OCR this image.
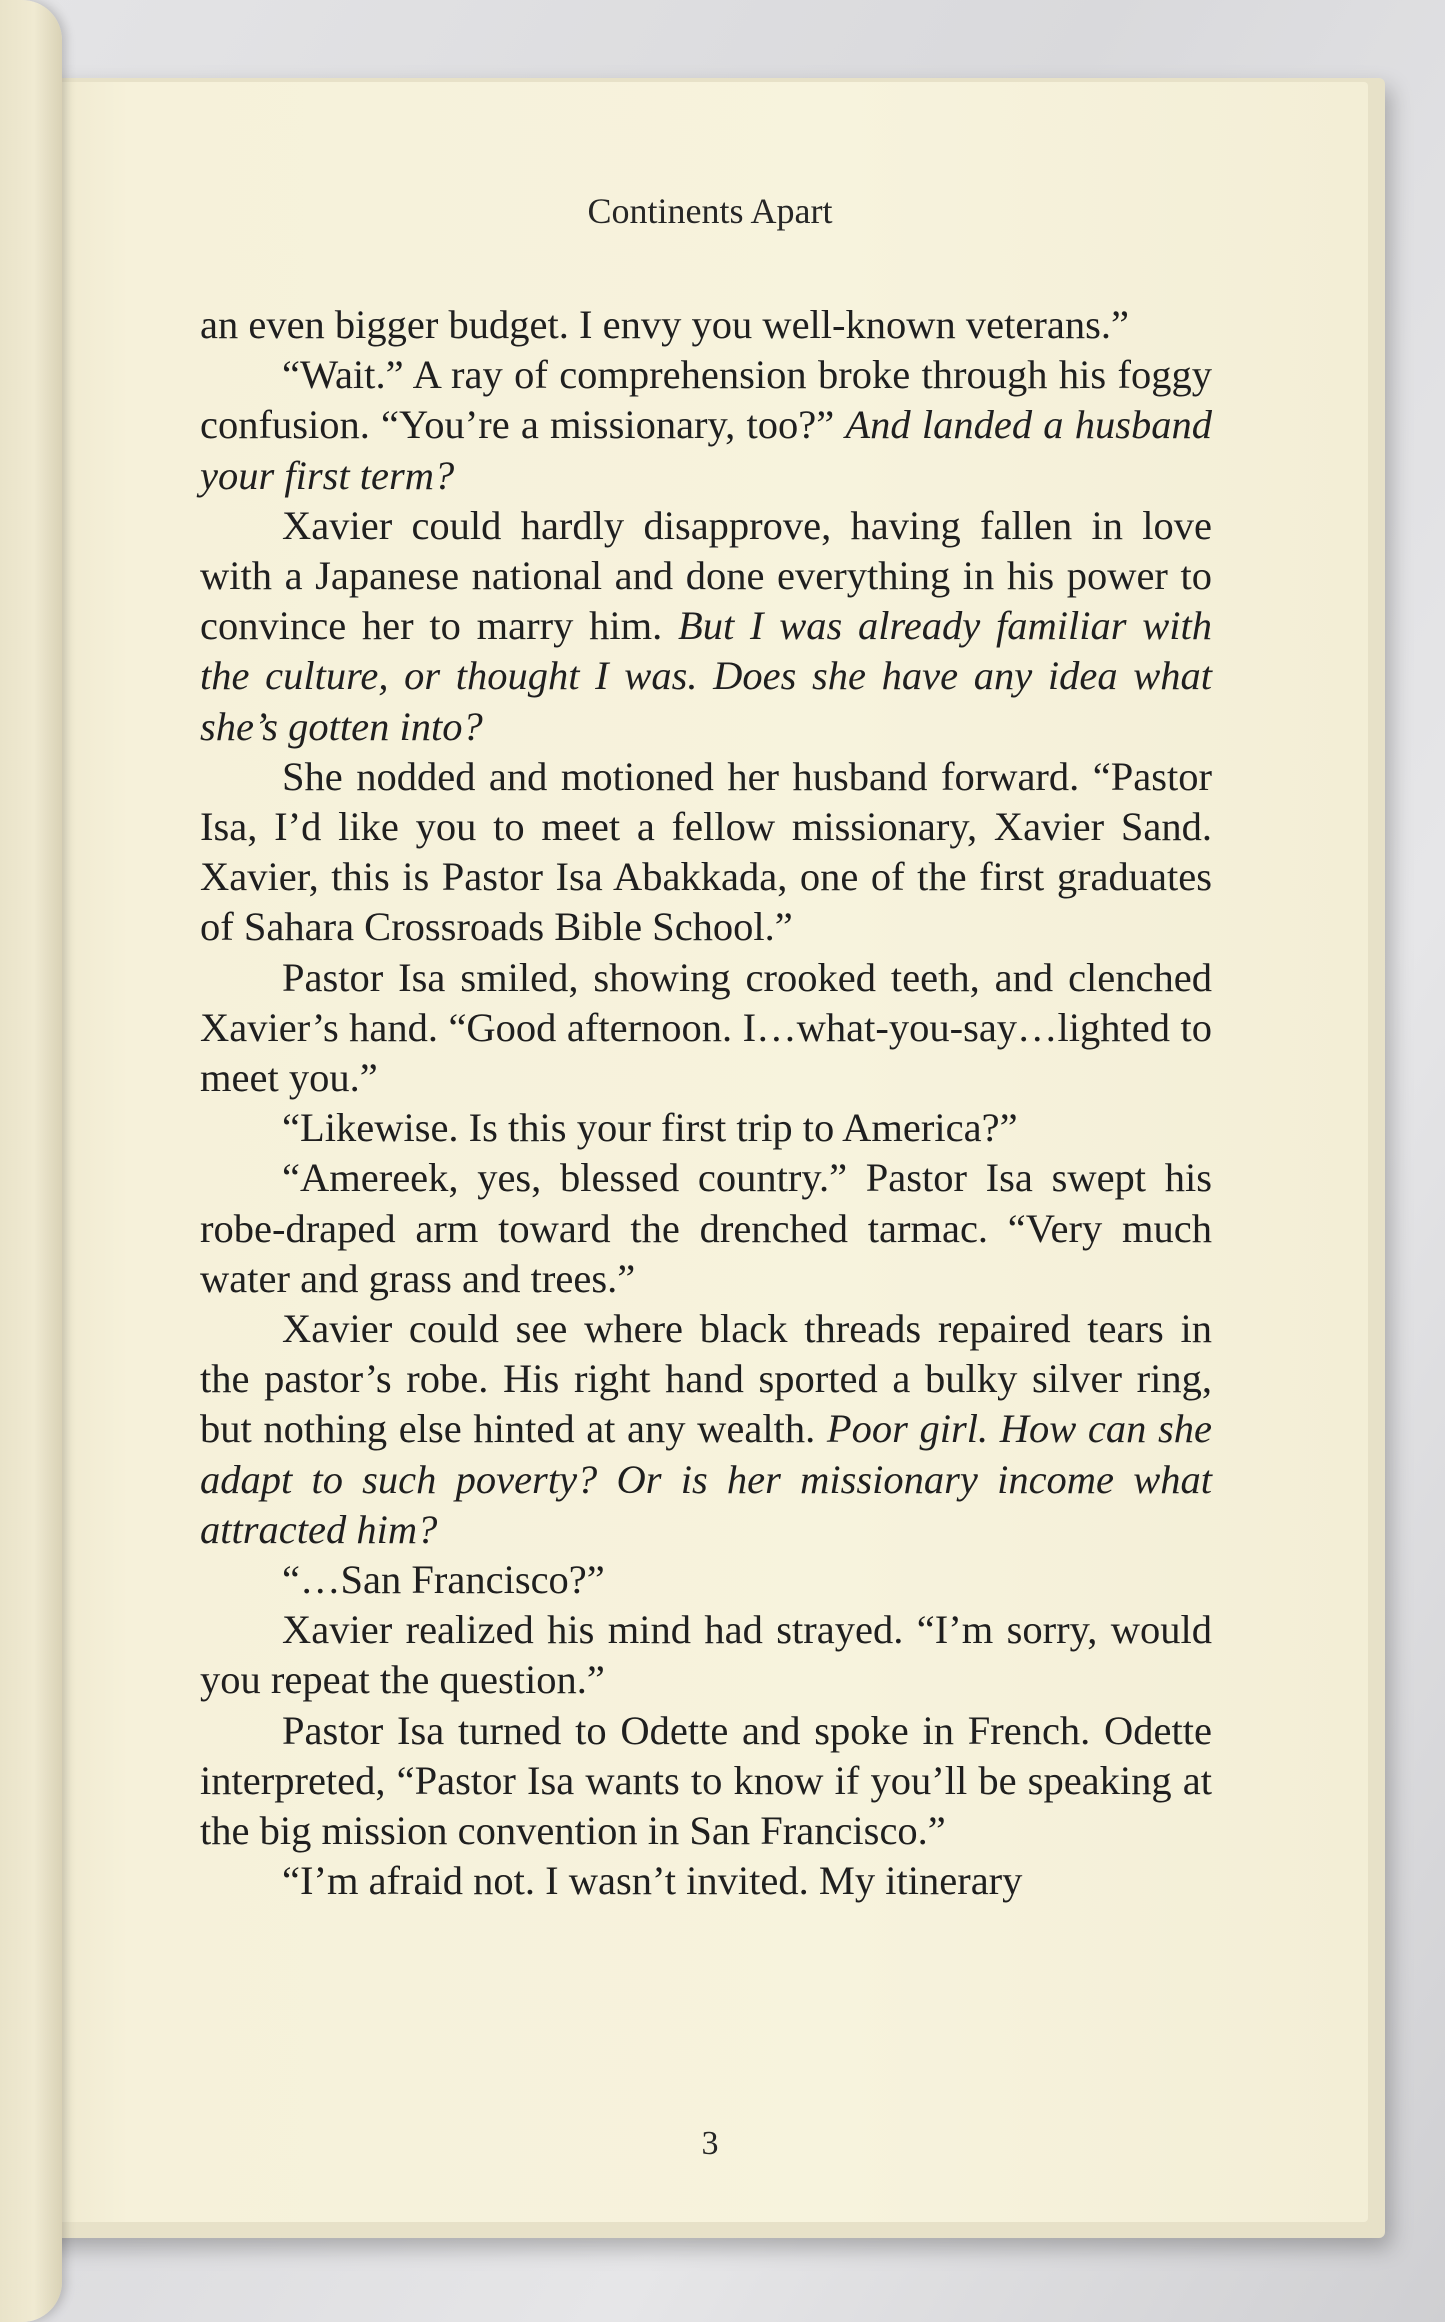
Continents Apart

an even bigger budget. I envy you well-known veterans.”

“Wait.” A ray of comprehension broke through his foggy confusion. “You’re a missionary, too?” And landed a husband your first term?

Xavier could hardly disapprove, having fallen in love with a Japanese national and done everything in his power to convince her to marry him. But I was already familiar with the culture, or thought I was. Does she have any idea what she’s gotten into?

She nodded and motioned her husband forward. “Pastor Isa, I’d like you to meet a fellow missionary, Xavier Sand. Xavier, this is Pastor Isa Abakkada, one of the first graduates of Sahara Crossroads Bible School.”

Pastor Isa smiled, showing crooked teeth, and clenched Xavier’s hand. “Good afternoon. I…what-you-say…lighted to meet you.”

“Likewise. Is this your first trip to America?”

“Amereek, yes, blessed country.” Pastor Isa swept his robe-draped arm toward the drenched tarmac. “Very much water and grass and trees.”

Xavier could see where black threads repaired tears in the pastor’s robe. His right hand sported a bulky silver ring, but nothing else hinted at any wealth. Poor girl. How can she adapt to such poverty? Or is her missionary income what attracted him?

“…San Francisco?”

Xavier realized his mind had strayed. “I’m sorry, would you repeat the question.”

Pastor Isa turned to Odette and spoke in French. Odette interpreted, “Pastor Isa wants to know if you’ll be speaking at the big mission convention in San Francisco.”

“I’m afraid not. I wasn’t invited. My itinerary

3
